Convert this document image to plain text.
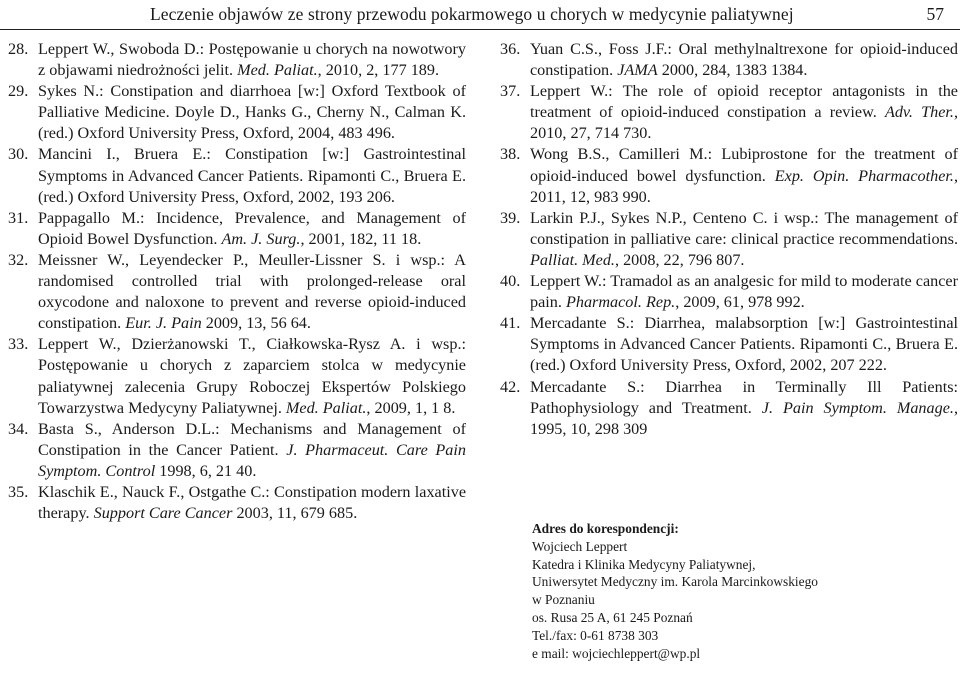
Leczenie objawów ze strony przewodu pokarmowego u chorych w medycynie paliatywnej	57
28. Leppert W., Swoboda D.: Postępowanie u chorych na nowotwory z objawami niedrożności jelit. Med. Paliat., 2010, 2, 177 189.
29. Sykes N.: Constipation and diarrhoea [w:] Oxford Textbook of Palliative Medicine. Doyle D., Hanks G., Cherny N., Calman K. (red.) Oxford University Press, Oxford, 2004, 483 496.
30. Mancini I., Bruera E.: Constipation [w:] Gastrointestinal Symptoms in Advanced Cancer Patients. Ripamonti C., Bruera E. (red.) Oxford University Press, Oxford, 2002, 193 206.
31. Pappagallo M.: Incidence, Prevalence, and Management of Opioid Bowel Dysfunction. Am. J. Surg., 2001, 182, 11 18.
32. Meissner W., Leyendecker P., Meuller-Lissner S. i wsp.: A randomised controlled trial with prolonged-release oral oxycodone and naloxone to prevent and reverse opioid-induced constipation. Eur. J. Pain 2009, 13, 56 64.
33. Leppert W., Dzierżanowski T., Ciałkowska-Rysz A. i wsp.: Postępowanie u chorych z zaparciem stolca w medycynie paliatywnej zalecenia Grupy Roboczej Ekspertów Polskiego Towarzystwa Medycyny Paliatywnej. Med. Paliat., 2009, 1, 1 8.
34. Basta S., Anderson D.L.: Mechanisms and Management of Constipation in the Cancer Patient. J. Pharmaceut. Care Pain Symptom. Control 1998, 6, 21 40.
35. Klaschik E., Nauck F., Ostgathe C.: Constipation modern laxative therapy. Support Care Cancer 2003, 11, 679 685.
36. Yuan C.S., Foss J.F.: Oral methylnaltrexone for opioid-induced constipation. JAMA 2000, 284, 1383 1384.
37. Leppert W.: The role of opioid receptor antagonists in the treatment of opioid-induced constipation a review. Adv. Ther., 2010, 27, 714 730.
38. Wong B.S., Camilleri M.: Lubiprostone for the treatment of opioid-induced bowel dysfunction. Exp. Opin. Pharmacother., 2011, 12, 983 990.
39. Larkin P.J., Sykes N.P., Centeno C. i wsp.: The management of constipation in palliative care: clinical practice recommendations. Palliat. Med., 2008, 22, 796 807.
40. Leppert W.: Tramadol as an analgesic for mild to moderate cancer pain. Pharmacol. Rep., 2009, 61, 978 992.
41. Mercadante S.: Diarrhea, malabsorption [w:] Gastrointestinal Symptoms in Advanced Cancer Patients. Ripamonti C., Bruera E. (red.) Oxford University Press, Oxford, 2002, 207 222.
42. Mercadante S.: Diarrhea in Terminally Ill Patients: Pathophysiology and Treatment. J. Pain Symptom. Manage., 1995, 10, 298 309
Adres do korespondencji:
Wojciech Leppert
Katedra i Klinika Medycyny Paliatywnej,
Uniwersytet Medyczny im. Karola Marcinkowskiego
w Poznaniu
os. Rusa 25 A, 61 245 Poznań
Tel./fax: 0-61 8738 303
e mail: wojciechleppert@wp.pl
